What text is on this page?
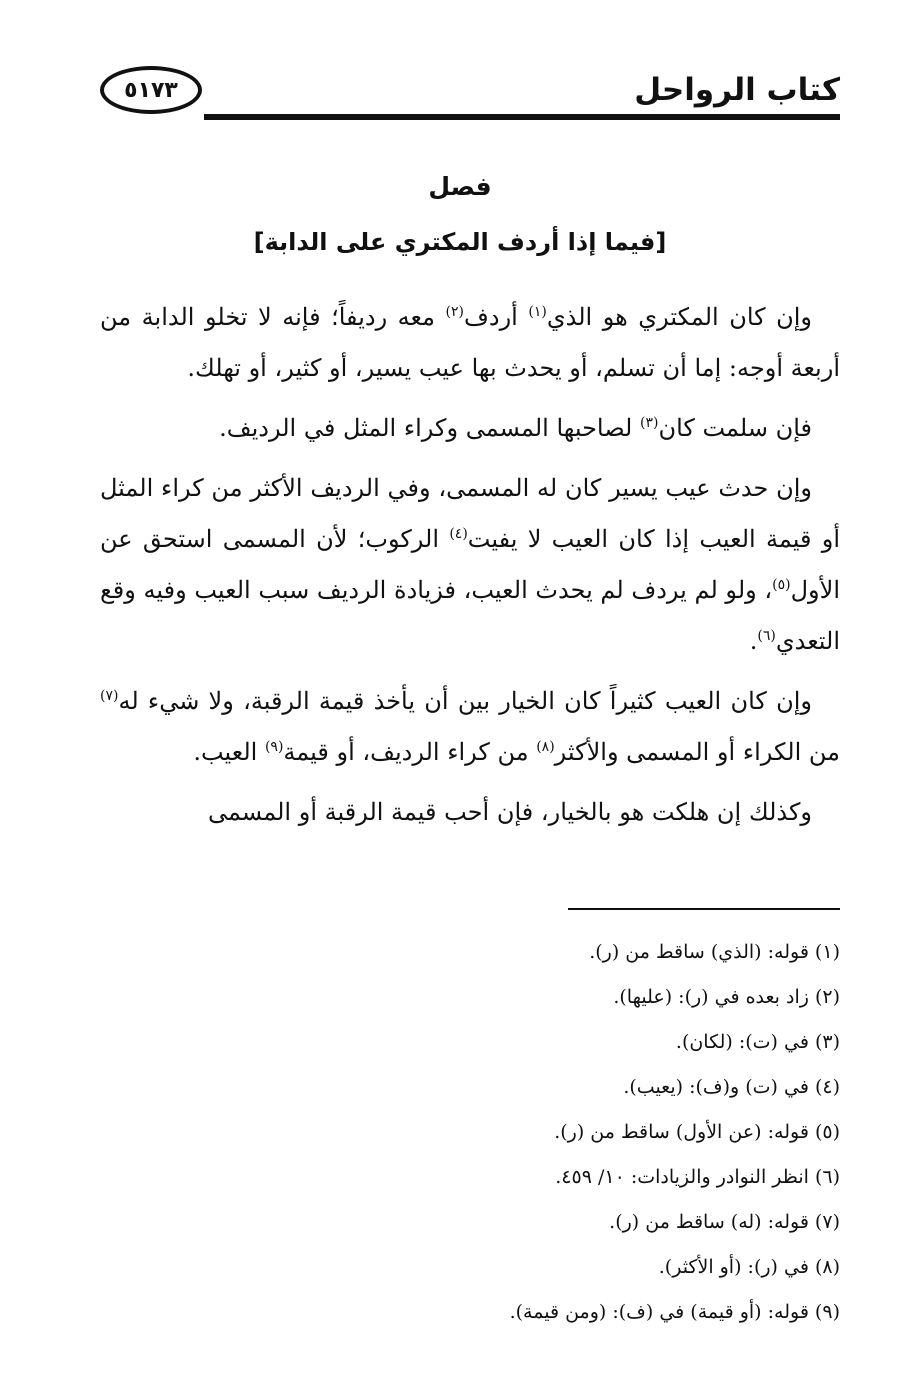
كتاب الرواحل
٥١٧٣
فصل
[فيما إذا أردف المكتري على الدابة]

وإن كان المكتري هو الذي$^{(١)}$ أردف$^{(٢)}$ معه رديفاً؛ فإنه لا تخلو الدابة من أربعة أوجه: إما أن تسلم، أو يحدث بها عيب يسير، أو كثير، أو تهلك.

فإن سلمت كان$^{(٣)}$ لصاحبها المسمى وكراء المثل في الرديف.

وإن حدث عيب يسير كان له المسمى، وفي الرديف الأكثر من كراء المثل أو قيمة العيب إذا كان العيب لا يفيت$^{(٤)}$ الركوب؛ لأن المسمى استحق عن الأول$^{(٥)}$، ولو لم يردف لم يحدث العيب، فزيادة الرديف سبب العيب وفيه وقع التعدي$^{(٦)}$.

وإن كان العيب كثيراً كان الخيار بين أن يأخذ قيمة الرقبة، ولا شيء له$^{(٧)}$ من الكراء أو المسمى والأكثر$^{(٨)}$ من كراء الرديف، أو قيمة$^{(٩)}$ العيب.

وكذلك إن هلكت هو بالخيار، فإن أحب قيمة الرقبة أو المسمى

(١) قوله: (الذي) ساقط من (ر).
(٢) زاد بعده في (ر): (عليها).
(٣) في (ت): (لكان).
(٤) في (ت) و(ف): (يعيب).
(٥) قوله: (عن الأول) ساقط من (ر).
(٦) انظر النوادر والزيادات: ١٠/ ٤٥٩.
(٧) قوله: (له) ساقط من (ر).
(٨) في (ر): (أو الأكثر).
(٩) قوله: (أو قيمة) في (ف): (ومن قيمة).
